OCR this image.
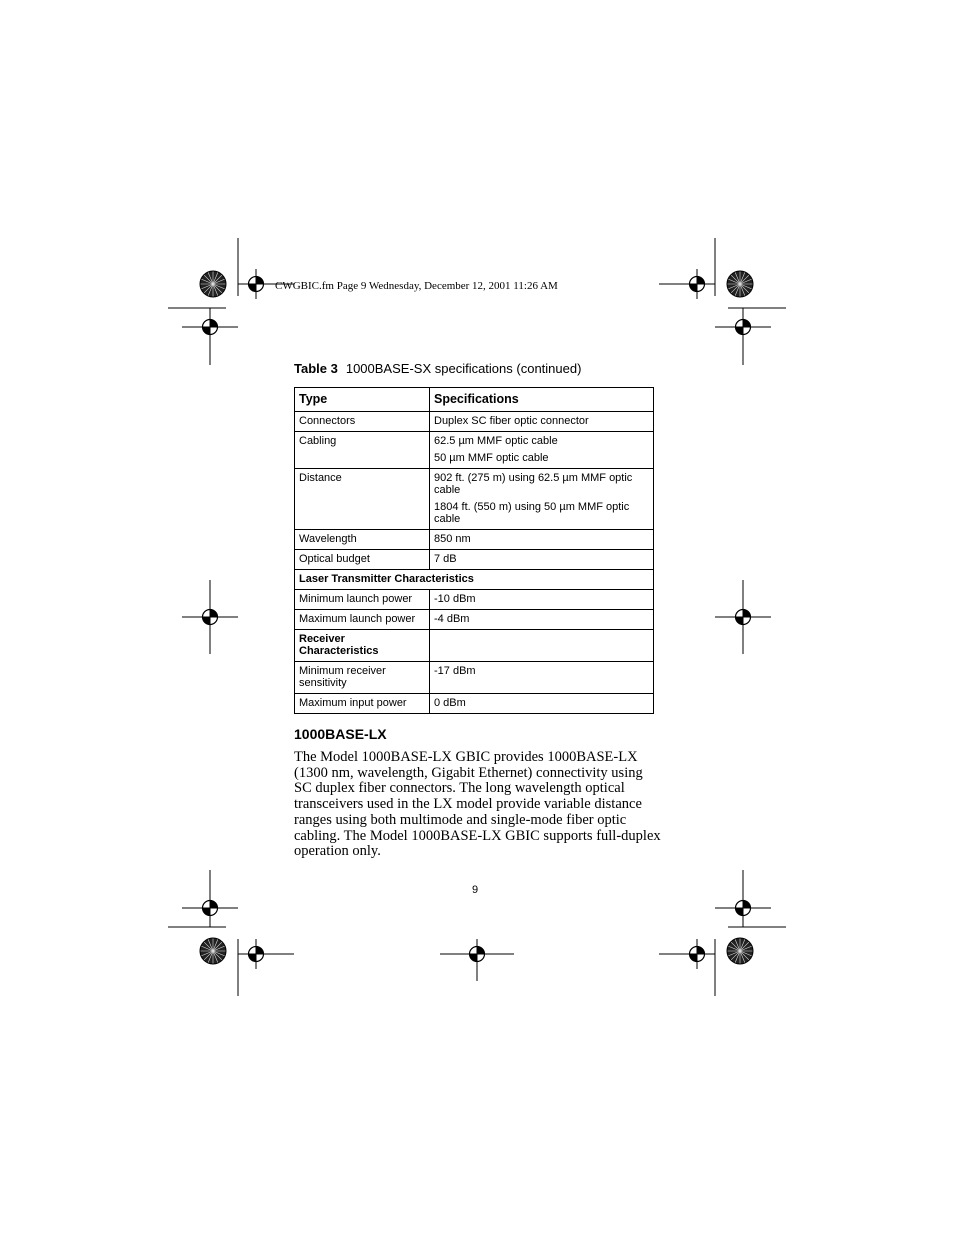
CWGBIC.fm Page 9 Wednesday, December 12, 2001 11:26 AM
Table 3 1000BASE-SX specifications (continued)
Type	Specifications
Connectors	Duplex SC fiber optic connector

Cabling	62.5 µm MMF optic cable
50 µm MMF optic cable

Distance	902 ft. (275 m) using 62.5 µm MMF optic cable
1804 ft. (550 m) using 50 µm MMF optic cable

Wavelength	850 nm

Optical budget	7 dB

Laser Transmitter Characteristics	
Minimum launch power	-10 dBm

Maximum launch power	-4 dBm

Receiver Characteristics	
Minimum receiver sensitivity	-17 dBm

Maximum input power	0 dBm
1000BASE-LX
The Model 1000BASE-LX GBIC provides 1000BASE-LX (1300 nm, wavelength, Gigabit Ethernet) connectivity using SC duplex fiber connectors. The long wavelength optical transceivers used in the LX model provide variable distance ranges using both multimode and single-mode fiber optic cabling. The Model 1000BASE-LX GBIC supports full-duplex operation only.
9
